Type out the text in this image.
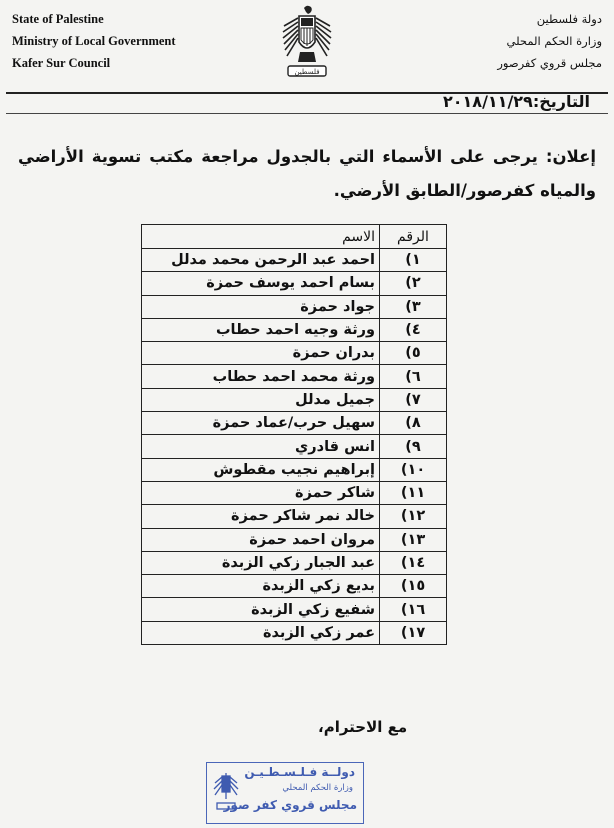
State of Palestine
Ministry of Local Government
Kafer Sur Council
فلسطين
دولة فلسطين
وزارة الحكم المحلي
مجلس قروي كفرصور
التاريخ:٢٠١٨/١١/٢٩
إعلان: يرجى على الأسماء التي بالجدول مراجعة مكتب تسوية الأراضي والمياه كفرصور/الطابق الأرضي.
الرقم	الاسم
١)	احمد عبد الرحمن محمد مدلل
٢)	بسام احمد يوسف حمزة
٣)	جواد حمزة
٤)	ورثة وجيه احمد حطاب
٥)	بدران حمزة
٦)	ورثة محمد احمد حطاب
٧)	جميل مدلل
٨)	سهيل حرب/عماد حمزة
٩)	انس قادري
١٠)	إبراهيم نجيب مقطوش
١١)	شاكر حمزة
١٢)	خالد نمر شاكر حمزة
١٣)	مروان احمد حمزة
١٤)	عبد الجبار زكي الزبدة
١٥)	بديع زكي الزبدة
١٦)	شفيع زكي الزبدة
١٧)	عمر زكي الزبدة
مع الاحترام،
دولــة فـلـسـطـيـن
وزارة الحكم المحلي
مجلس قروي كفر صور
